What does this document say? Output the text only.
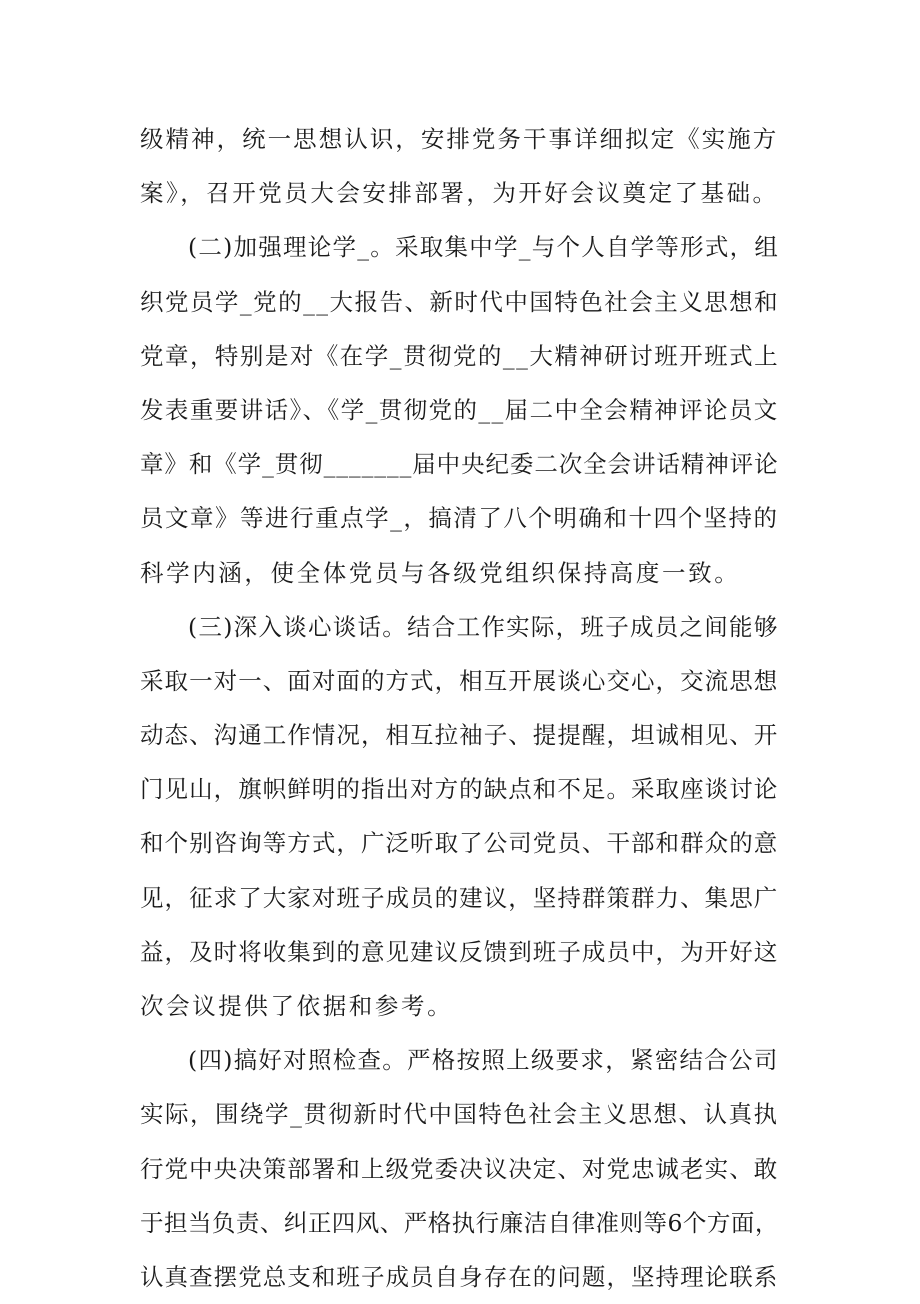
级精神，统一思想认识，安排党务干事详细拟定《实施方
案》，召开党员大会安排部署，为开好会议奠定了基础。
(二)加强理论学_。采取集中学_与个人自学等形式，组
织党员学_党的__大报告、新时代中国特色社会主义思想和
党章，特别是对《在学_贯彻党的__大精神研讨班开班式上
发表重要讲话》、《学_贯彻党的__届二中全会精神评论员文
章》和《学_贯彻_______届中央纪委二次全会讲话精神评论
员文章》等进行重点学_，搞清了八个明确和十四个坚持的
科学内涵，使全体党员与各级党组织保持高度一致。
(三)深入谈心谈话。结合工作实际，班子成员之间能够
采取一对一、面对面的方式，相互开展谈心交心，交流思想
动态、沟通工作情况，相互拉袖子、提提醒，坦诚相见、开
门见山，旗帜鲜明的指出对方的缺点和不足。采取座谈讨论
和个别咨询等方式，广泛听取了公司党员、干部和群众的意
见，征求了大家对班子成员的建议，坚持群策群力、集思广
益，及时将收集到的意见建议反馈到班子成员中，为开好这
次会议提供了依据和参考。
(四)搞好对照检查。严格按照上级要求，紧密结合公司
实际，围绕学_贯彻新时代中国特色社会主义思想、认真执
行党中央决策部署和上级党委决议决定、对党忠诚老实、敢
于担当负责、纠正四风、严格执行廉洁自律准则等6个方面，
认真查摆党总支和班子成员自身存在的问题，坚持理论联系
